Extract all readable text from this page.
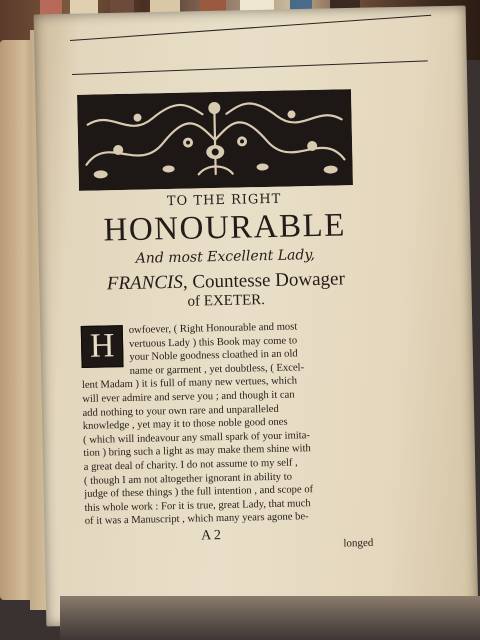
TO THE RIGHT

HONOURABLE

And most Excellent Lady,

FRANCIS, Countesse Dowager

of EXETER.

H	owfoever, ( Right Honourable and most
vertuous Lady ) this Book may come to
your Noble goodness cloathed in an old
name or garment , yet doubtless, ( Excel-
lent Madam ) it is full of many new vertues, which
will ever admire and serve you ; and though it can
add nothing to your own rare and unparalleled
knowledge , yet may it to those noble good ones
( which will indeavour any small spark of your imita-
tion ) bring such a light as may make them shine with
a great deal of charity. I do not assume to my self ,
( though I am not altogether ignorant in ability to
judge of these things ) the full intention , and scope of
this whole work : For it is true, great Lady, that much
of it was a Manuscript , which many years agone be-
A 2	longed
